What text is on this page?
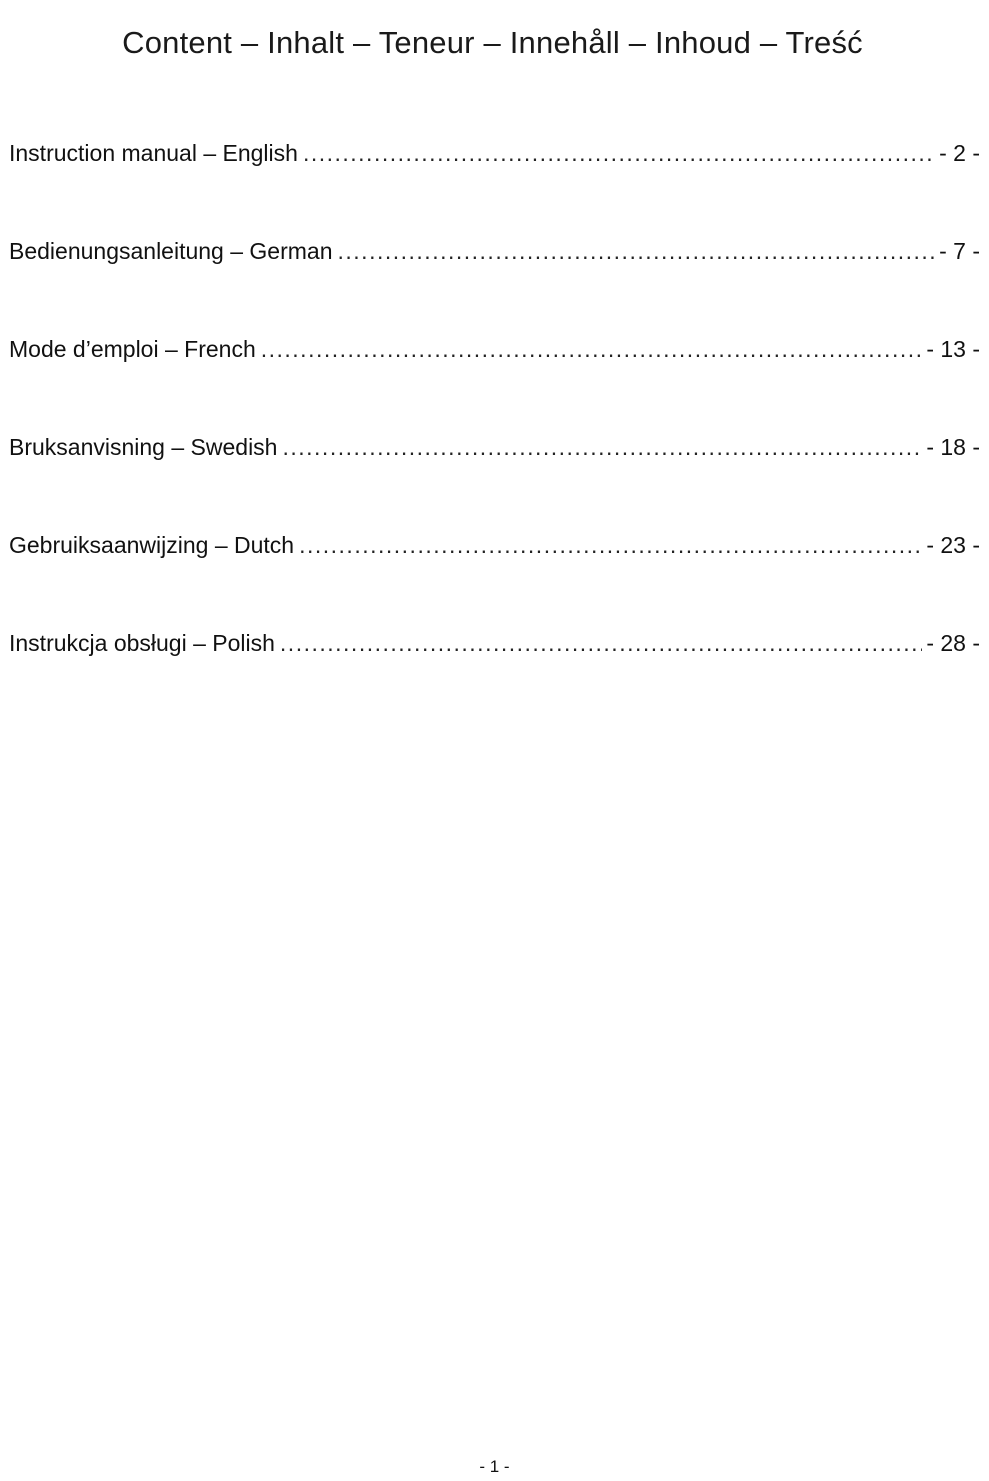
Content – Inhalt – Teneur – Innehåll – Inhoud – Treść
Instruction manual – English .....	- 2 -
Bedienungsanleitung – German .....	- 7 -
Mode d’emploi – French .....	- 13 -
Bruksanvisning – Swedish .....	- 18 -
Gebruiksaanwijzing – Dutch .....	- 23 -
Instrukcja obsługi – Polish .....	- 28 -
- 1 -
